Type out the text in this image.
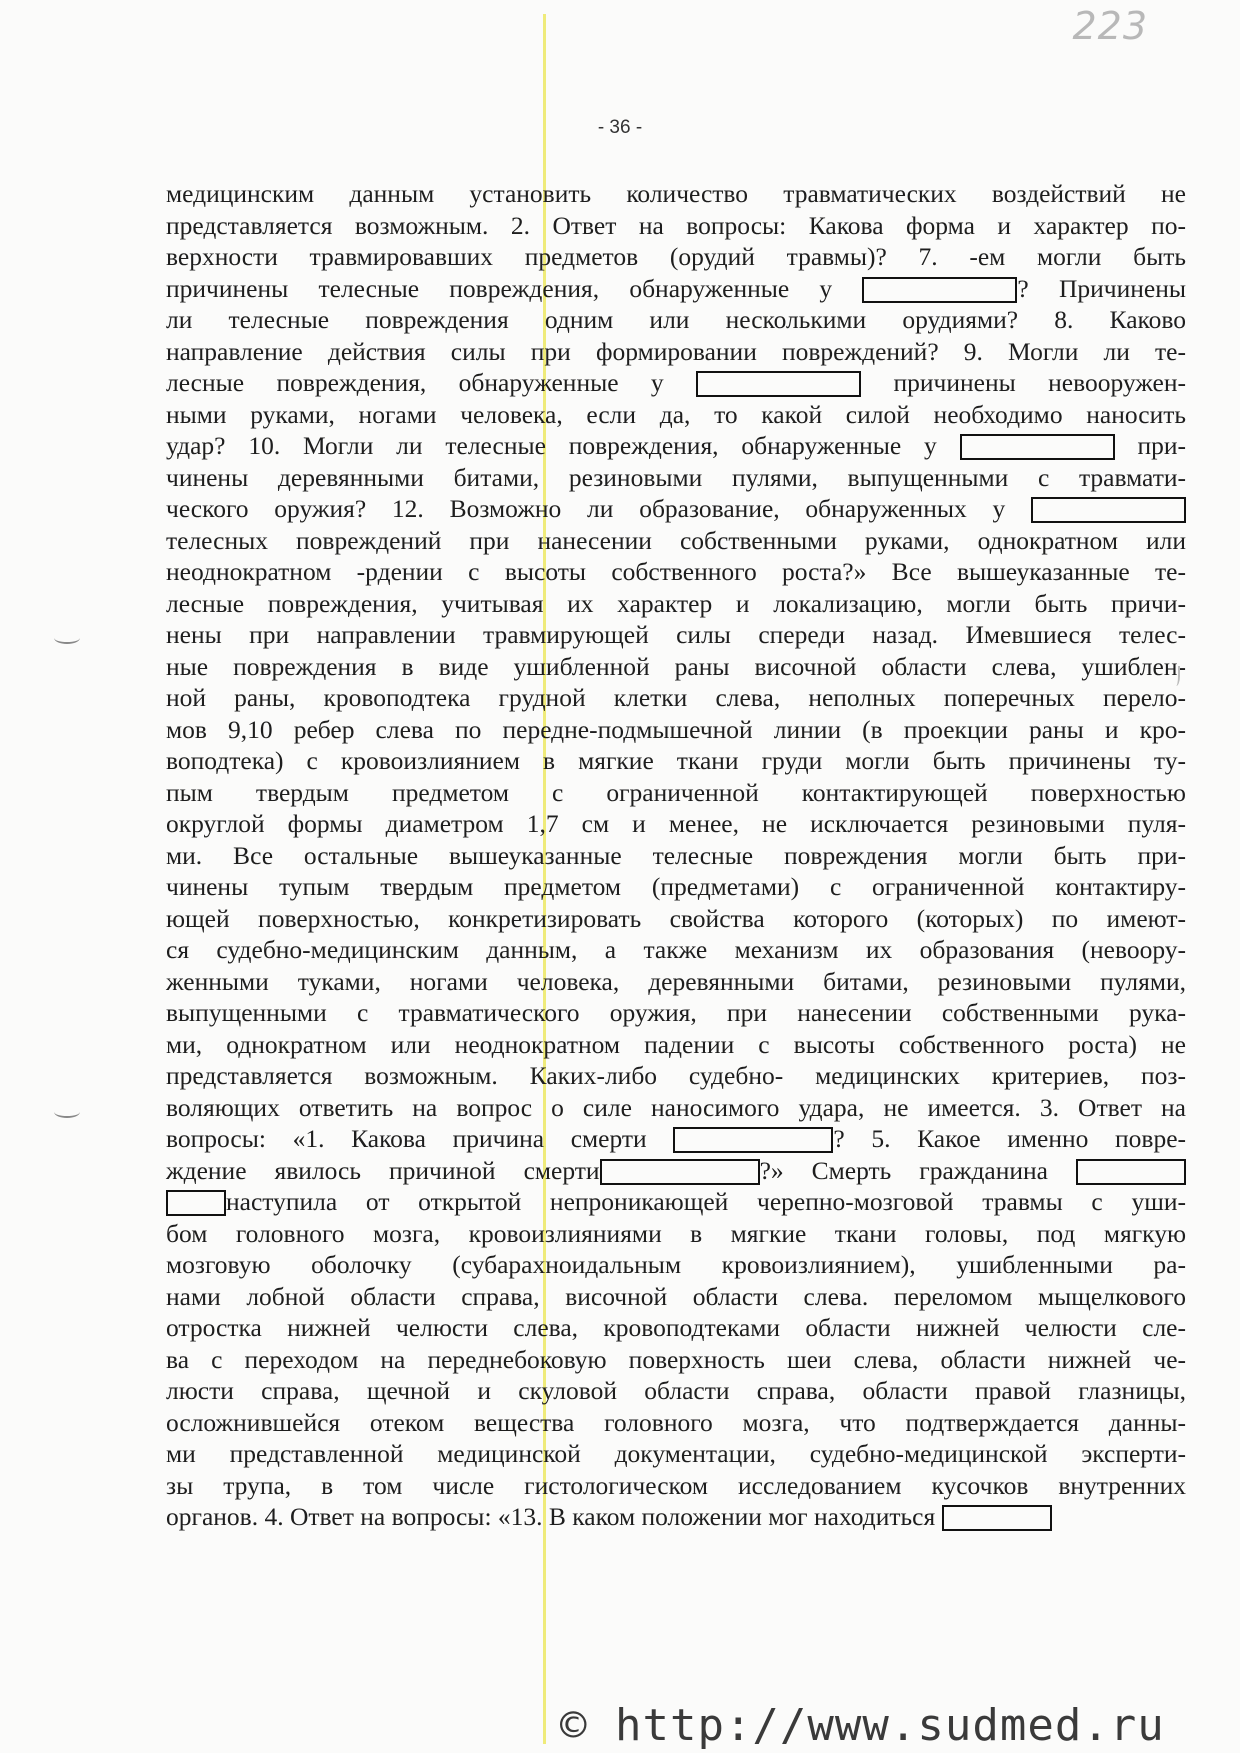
223
- 36 -
медицинским данным установить количество травматических воздействий не
представляется возможным. 2. Ответ на вопросы: Какова форма и характер по-
верхности травмировавших предметов (орудий травмы)? 7. -ем могли быть
причинены телесные повреждения, обнаруженные у	? Причинены
ли телесные повреждения одним или несколькими орудиями? 8. Каково
направление действия силы при формировании повреждений? 9. Могли ли те-
лесные повреждения, обнаруженные у	причинены невооружен-
ными руками, ногами человека, если да, то какой силой необходимо наносить
удар? 10. Могли ли телесные повреждения, обнаруженные у	при-
чинены деревянными битами, резиновыми пулями, выпущенными с травмати-
ческого оружия? 12. Возможно ли образование, обнаруженных у
телесных повреждений при нанесении собственными руками, однократном или
неоднократном -рдении с высоты собственного роста?» Все вышеуказанные те-
лесные повреждения, учитывая их характер и локализацию, могли быть причи-
нены при направлении травмирующей силы спереди назад. Имевшиеся телес-
ные повреждения в виде ушибленной раны височной области слева, ушиблен-
ной раны, кровоподтека грудной клетки слева, неполных поперечных перело-
мов 9,10 ребер слева по передне-подмышечной линии (в проекции раны и кро-
воподтека) с кровоизлиянием в мягкие ткани груди могли быть причинены ту-
пым твердым предметом с ограниченной контактирующей поверхностью
округлой формы диаметром 1,7 см и менее, не исключается резиновыми пуля-
ми. Все остальные вышеуказанные телесные повреждения могли быть при-
чинены тупым твердым предметом (предметами) с ограниченной контактиру-
ющей поверхностью, конкретизировать свойства которого (которых) по имеют-
ся судебно-медицинским данным, а также механизм их образования (невоору-
женными туками, ногами человека, деревянными битами, резиновыми пулями,
выпущенными с травматического оружия, при нанесении собственными рука-
ми, однократном или неоднократном падении с высоты собственного роста) не
представляется возможным. Каких-либо судебно- медицинских критериев, поз-
воляющих ответить на вопрос о силе наносимого удара, не имеется. 3. Ответ на
вопросы: «1. Какова причина смерти	? 5. Какое именно повре-
ждение явилось причиной смерти	?» Смерть гражданина
наступила от открытой непроникающей черепно-мозговой травмы с уши-
бом головного мозга, кровоизлияниями в мягкие ткани головы, под мягкую
мозговую оболочку (субарахноидальным кровоизлиянием), ушибленными ра-
нами лобной области справа, височной области слева. переломом мыщелкового
отростка нижней челюсти слева, кровоподтеками области нижней челюсти сле-
ва с переходом на переднебоковую поверхность шеи слева, области нижней че-
люсти справа, щечной и скуловой области справа, области правой глазницы,
осложнившейся отеком вещества головного мозга, что подтверждается данны-
ми представленной медицинской документации, судебно-медицинской эксперти-
зы трупа, в том числе гистологическом исследованием кусочков внутренних
органов. 4. Ответ на вопросы: «13. В каком положении мог находиться
© http://www.sudmed.ru
